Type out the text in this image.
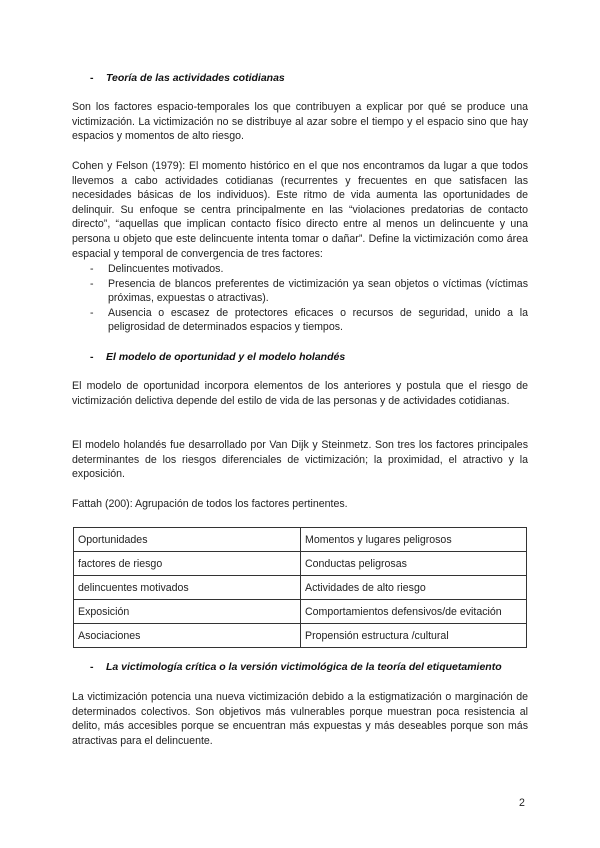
- Teoría de las actividades cotidianas

Son los factores espacio-temporales los que contribuyen a explicar por qué se produce una victimización. La victimización no se distribuye al azar sobre el tiempo y el espacio sino que hay espacios y momentos de alto riesgo.

Cohen y Felson (1979): El momento histórico en el que nos encontramos da lugar a que todos llevemos a cabo actividades cotidianas (recurrentes y frecuentes en que satisfacen las necesidades básicas de los individuos). Este ritmo de vida aumenta las oportunidades de delinquir. Su enfoque se centra principalmente en las “violaciones predatorias de contacto directo”, “aquellas que implican contacto físico directo entre al menos un delincuente y una persona u objeto que este delincuente intenta tomar o dañar”. Define la victimización como área espacial y temporal de convergencia de tres factores:

- Delincuentes motivados.
- Presencia de blancos preferentes de victimización ya sean objetos o víctimas (víctimas próximas, expuestas o atractivas).
- Ausencia o escasez de protectores eficaces o recursos de seguridad, unido a la peligrosidad de determinados espacios y tiempos.
- El modelo de oportunidad y el modelo holandés

El modelo de oportunidad incorpora elementos de los anteriores y postula que el riesgo de victimización delictiva depende del estilo de vida de las personas y de actividades cotidianas.

El modelo holandés fue desarrollado por Van Dijk y Steinmetz. Son tres los factores principales determinantes de los riesgos diferenciales de victimización; la proximidad, el atractivo y la exposición.

Fattah (200): Agrupación de todos los factores pertinentes.

Oportunidades	Momentos y lugares peligrosos
factores de riesgo	Conductas peligrosas
delincuentes motivados	Actividades de alto riesgo
Exposición	Comportamientos defensivos/de evitación
Asociaciones	Propensión estructura /cultural
- La victimología crítica o la versión victimológica de la teoría del etiquetamiento

La victimización potencia una nueva victimización debido a la estigmatización o marginación de determinados colectivos. Son objetivos más vulnerables porque muestran poca resistencia al delito, más accesibles porque se encuentran más expuestas y más deseables porque son más atractivas para el delincuente.

2
